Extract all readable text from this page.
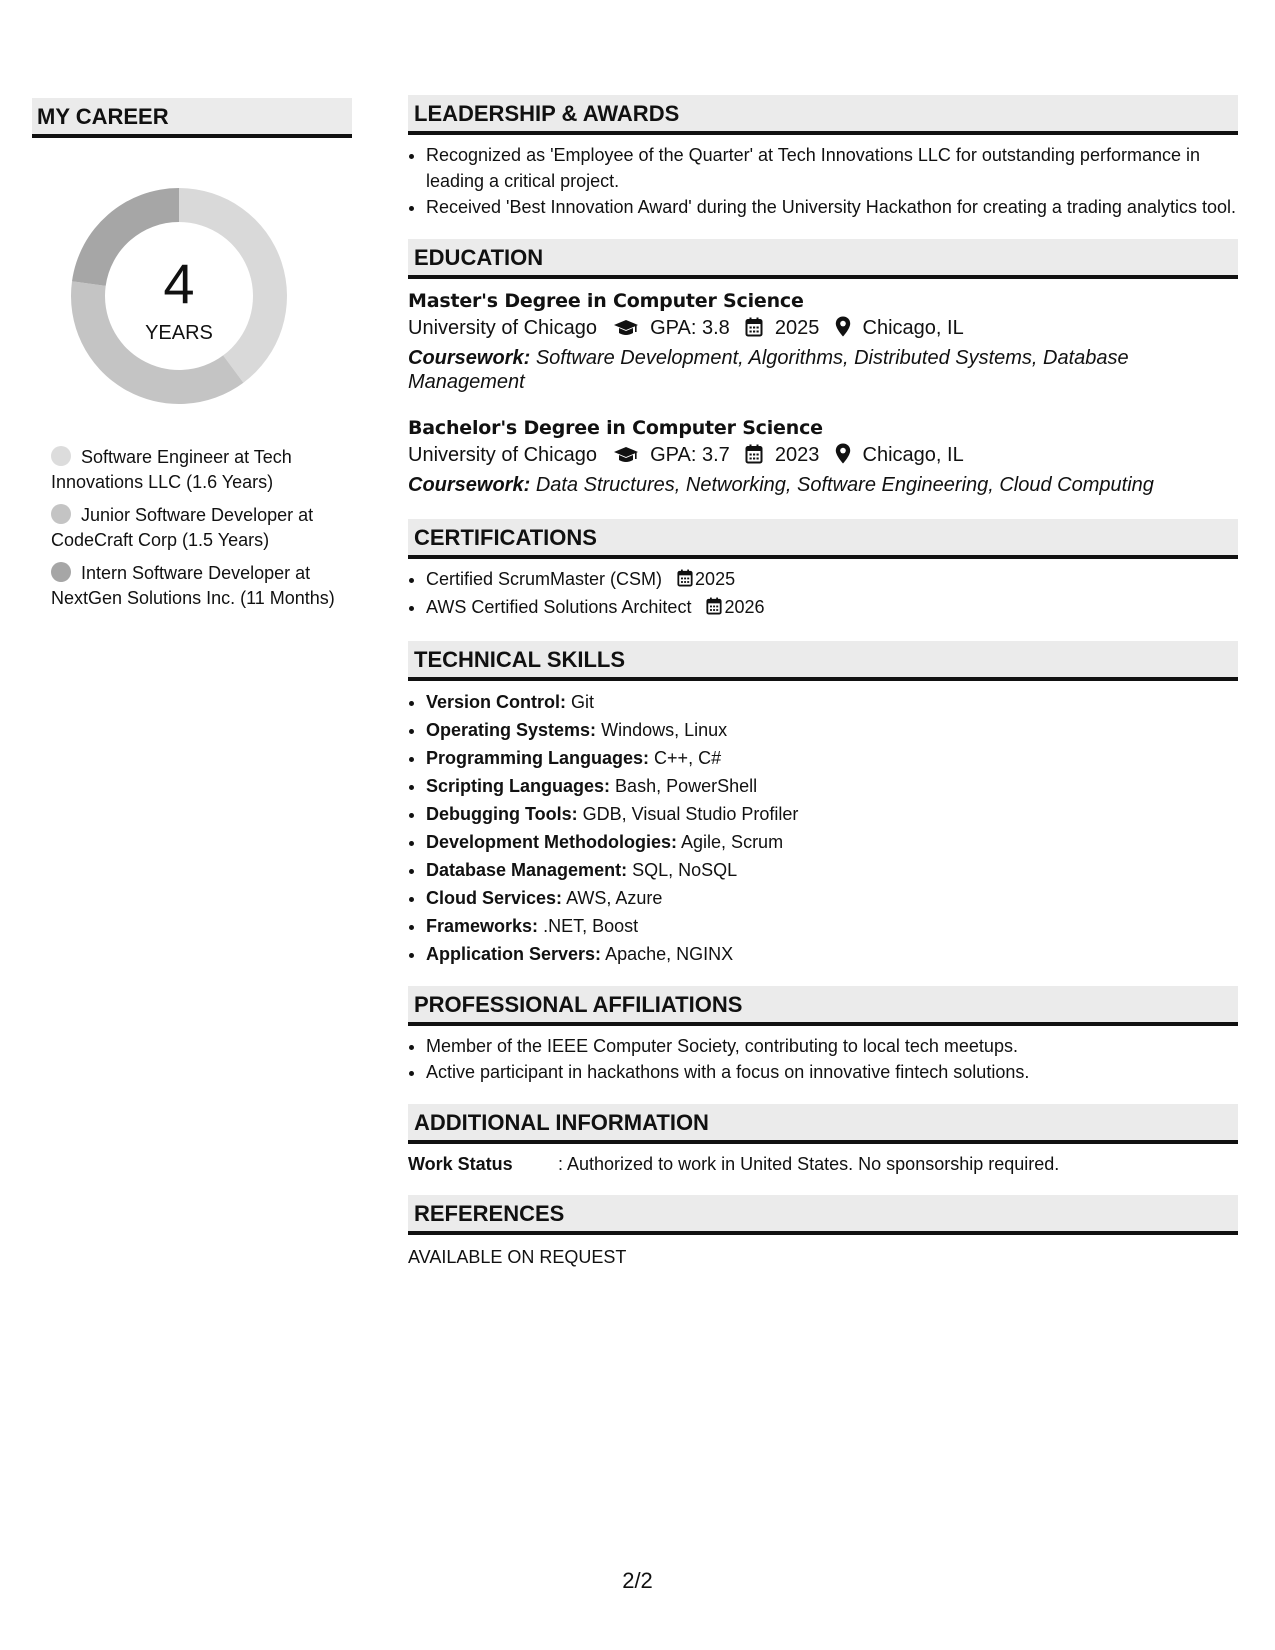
MY CAREER
4
YEARS
Software Engineer at Tech Innovations LLC (1.6 Years)
Junior Software Developer at CodeCraft Corp (1.5 Years)
Intern Software Developer at NextGen Solutions Inc. (11 Months)
LEADERSHIP & AWARDS
• Recognized as 'Employee of the Quarter' at Tech Innovations LLC for outstanding performance in leading a critical project.
• Received 'Best Innovation Award' during the University Hackathon for creating a trading analytics tool.
EDUCATION
Master's Degree in Computer Science
University of Chicago	GPA: 3.8 2025 Chicago, IL
Coursework: Software Development, Algorithms, Distributed Systems, Database Management
Bachelor's Degree in Computer Science
University of Chicago	GPA: 3.7 2023 Chicago, IL
Coursework: Data Structures, Networking, Software Engineering, Cloud Computing
CERTIFICATIONS
• Certified ScrumMaster (CSM) 2025
• AWS Certified Solutions Architect 2026
TECHNICAL SKILLS
• Version Control: Git
• Operating Systems: Windows, Linux
• Programming Languages: C++, C#
• Scripting Languages: Bash, PowerShell
• Debugging Tools: GDB, Visual Studio Profiler
• Development Methodologies: Agile, Scrum
• Database Management: SQL, NoSQL
• Cloud Services: AWS, Azure
• Frameworks: .NET, Boost
• Application Servers: Apache, NGINX
PROFESSIONAL AFFILIATIONS
• Member of the IEEE Computer Society, contributing to local tech meetups.
• Active participant in hackathons with a focus on innovative fintech solutions.
ADDITIONAL INFORMATION
Work Status	: Authorized to work in United States. No sponsorship required.
REFERENCES
AVAILABLE ON REQUEST
2/2
